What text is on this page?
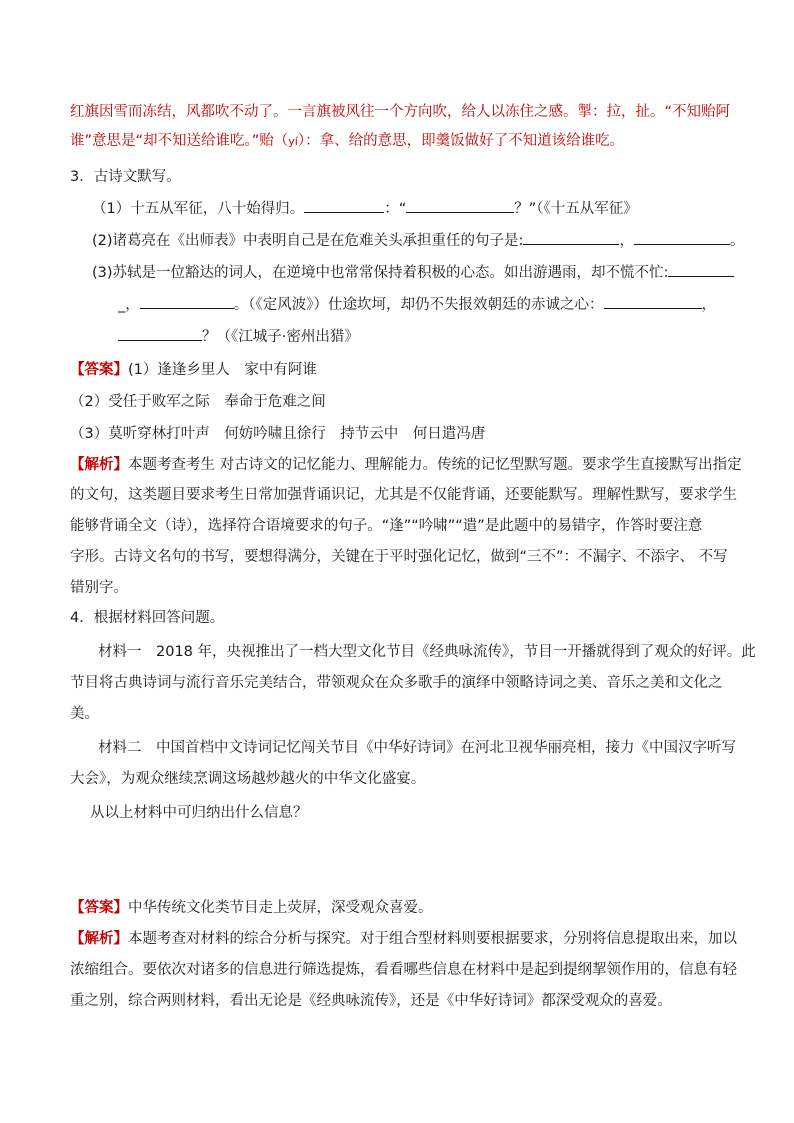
红旗因雪而冻结，风都吹不动了。一言旗被风往一个方向吹，给人以冻住之感。掣：拉，扯。“不知贻阿
谁”意思是“却不知送给谁吃。”贻（yí）：拿、给的意思，即羹饭做好了不知道该给谁吃。
3．古诗文默写。
（1）十五从军征，八十始得归。	：“	？”（《十五从军征》
(2)诸葛亮在《出师表》中表明自己是在危难关头承担重任的句子是:	，	。
(3)苏轼是一位豁达的词人，在逆境中也常常保持着积极的心态。如出游遇雨，却不慌不忙:
_，	。（《定风波》）仕途坎坷，却仍不失报效朝廷的赤诚之心：	，
？（《江城子·密州出猎》
【答案】(1）逢逢乡里人　家中有阿谁
（2）受任于败军之际　奉命于危难之间
（3）莫听穿林打叶声　何妨吟啸且徐行　持节云中　何日遣冯唐
【解析】本题考查考生 对古诗文的记忆能力、理解能力。传统的记忆型默写题。要求学生直接默写出指定
的文句，这类题目要求考生日常加强背诵识记，尤其是不仅能背诵，还要能默写。理解性默写，要求学生
能够背诵全文（诗），选择符合语境要求的句子。“逢”“吟啸”“遣”是此题中的易错字，作答时要注意
字形。古诗文名句的书写，要想得满分，关键在于平时强化记忆，做到“三不”：不漏字、不添字、 不写
错别字。
4．根据材料回答问题。
材料一　2018 年，央视推出了一档大型文化节目《经典咏流传》，节目一开播就得到了观众的好评。此
节目将古典诗词与流行音乐完美结合，带领观众在众多歌手的演绎中领略诗词之美、音乐之美和文化之
美。
材料二　中国首档中文诗词记忆闯关节目《中华好诗词》在河北卫视华丽亮相，接力《中国汉字听写
大会》，为观众继续烹调这场越炒越火的中华文化盛宴。
从以上材料中可归纳出什么信息？
【答案】中华传统文化类节目走上荧屏，深受观众喜爱。
【解析】本题考查对材料的综合分析与探究。对于组合型材料则要根据要求，分别将信息提取出来，加以
浓缩组合。要依次对诸多的信息进行筛选提炼，看看哪些信息在材料中是起到提纲挈领作用的，信息有轻
重之别，综合两则材料，看出无论是《经典咏流传》，还是《中华好诗词》都深受观众的喜爱。
